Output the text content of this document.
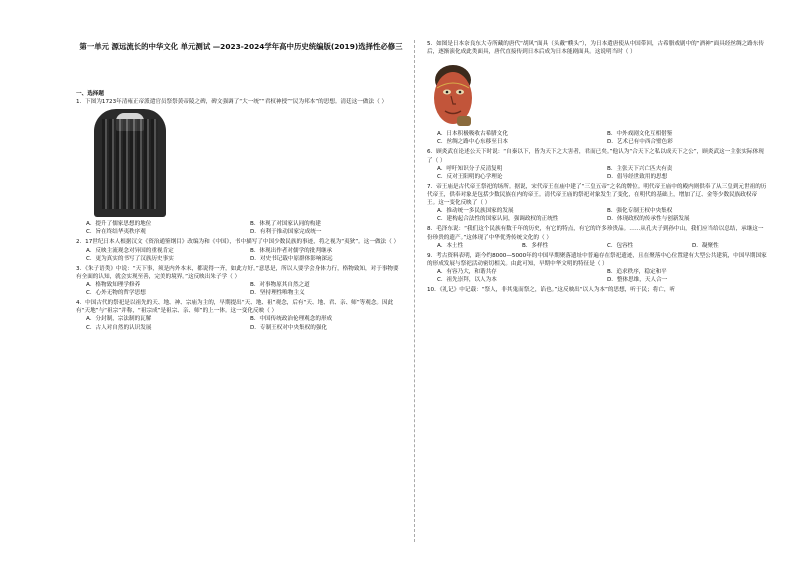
第一单元 源远流长的中华文化 单元测试 —2023-2024学年高中历史统编版(2019)选择性必修三
一、选择题
1．下图为1723年清雍正帝派遣官员祭祭黄帝陵之碑，碑文强调了“大一统”“君权神授”“民为邦本”的思想。清廷这一做法（ ）
A．提升了儒家思想的地位	B．体现了对国家认同的构建
C．旨在终结华夷秩序观	D．有利于推动国家完成统一
2．17世纪日本人根据汉文《资治通鉴纲目》改编为和《中国》，书中描写了中国少数民族的事迹，将之视为“夷狄”。这一做法（ ）
A．反映主流观念对异国的重视肯定	B．体现出作者对儒学的批判继承
C．更为真实的书写了汉族历史事实	D．对史书记载中原群体影响深远
3．《朱子语类》中说：“天下事，须是内外本末，都说得一齐，如此方好。”意思是，所以人要学会身体力行，格物致知，对于事物要有全面的认知，就会实现至善，完美的境界。”这反映出朱子学（ ）
A．格物致知理学修养	B．对事物原其自然之道
C．心外无物的哲学思想	D．坚持理性唯物主义
4．中国古代的祭祀是以祖先的天、地、神、宗庙为主的，早期提出“天、地、祖”观念，后有“天、地、君、亲、师”等观念。因此有“天地”与“祖宗”并称，“祖宗成”是祖宗、亲、师”的上一体。这一变化反映（ ）
A．分封制，宗法制的瓦解	B．中国传统政治伦理观念的形成
C．古人对自然的认识发展	D．专制王权对中央集权的强化
5．如图是日本奈良东大寺所藏的唐代“胡风”面具（头戴“幞头”），为日本遣唐使从中国带回，古希腊戏剧中的“酒神”面具经丝绸之路东传后，逐渐演化成此类面具，唐代直接传到日本后成为日本能剧面具。这说明当时（ ）
A．日本积极吸收古希腊文化	B．中外戏剧文化互相借鉴
C．丝绸之路中心东移至日本	D．艺术已有中西合璧色彩
6．顾炎武在论述公天下时说：“自秦以下，皆为天下之大害者，君而已矣。”他认为“合天下之私以成天下之公”，顾炎武这一主张实际体现了（ ）
A．呼吁知识分子反清复明	B．主张天下兴亡匹夫有责
C．反对王阳明的心学理论	D．倡导经世致用的思想
7．帝王庙是古代帝王祭祀的场所。据说，宋代帝王在庙中建了“三皇五帝”之名的牌位。明代帝王庙中的殿内则供奉了从三皇到元世祖的历代帝王，供奉对象是包括少数民族在内的帝王。清代帝王庙的祭祀对象发生了变化，在明代的基础上，增加了辽、金等少数民族政权帝王。这一变化反映了（ ）
A．推动统一多民族国家的发展	B．强化专制王权中央集权
C．建构起合法性的国家认同，强调政权的正统性	D．体现政权的传承性与创新发展
8．毛泽东说：“我们这个民族有数千年的历史，有它的特点，有它的许多珍贵品。……从孔夫子到孙中山，我们应当给以总结，承继这一份珍贵的遗产。”这体现了中华优秀传统文化的（ ）
A．本土性	B．多样性	C．包容性	D．凝聚性
9．考古资料表明，距今约8000—5000年的中国早期聚落遗址中普遍存在祭祀遗迹，且在聚落中心位置建有大型公共建筑，中国早期国家的形成发展与祭祀活动密切相关。由此可知，早期中华文明的特征是（ ）
A．有容乃大，和谐共存	B．追求秩序，稳定和平
C．祖先崇拜，以人为本	D．整体思维，天人合一
10．《礼记》中记载：“祭人，非其鬼而祭之，谄也。”这反映出“以人为本”的思想，听于民；将亡，听
